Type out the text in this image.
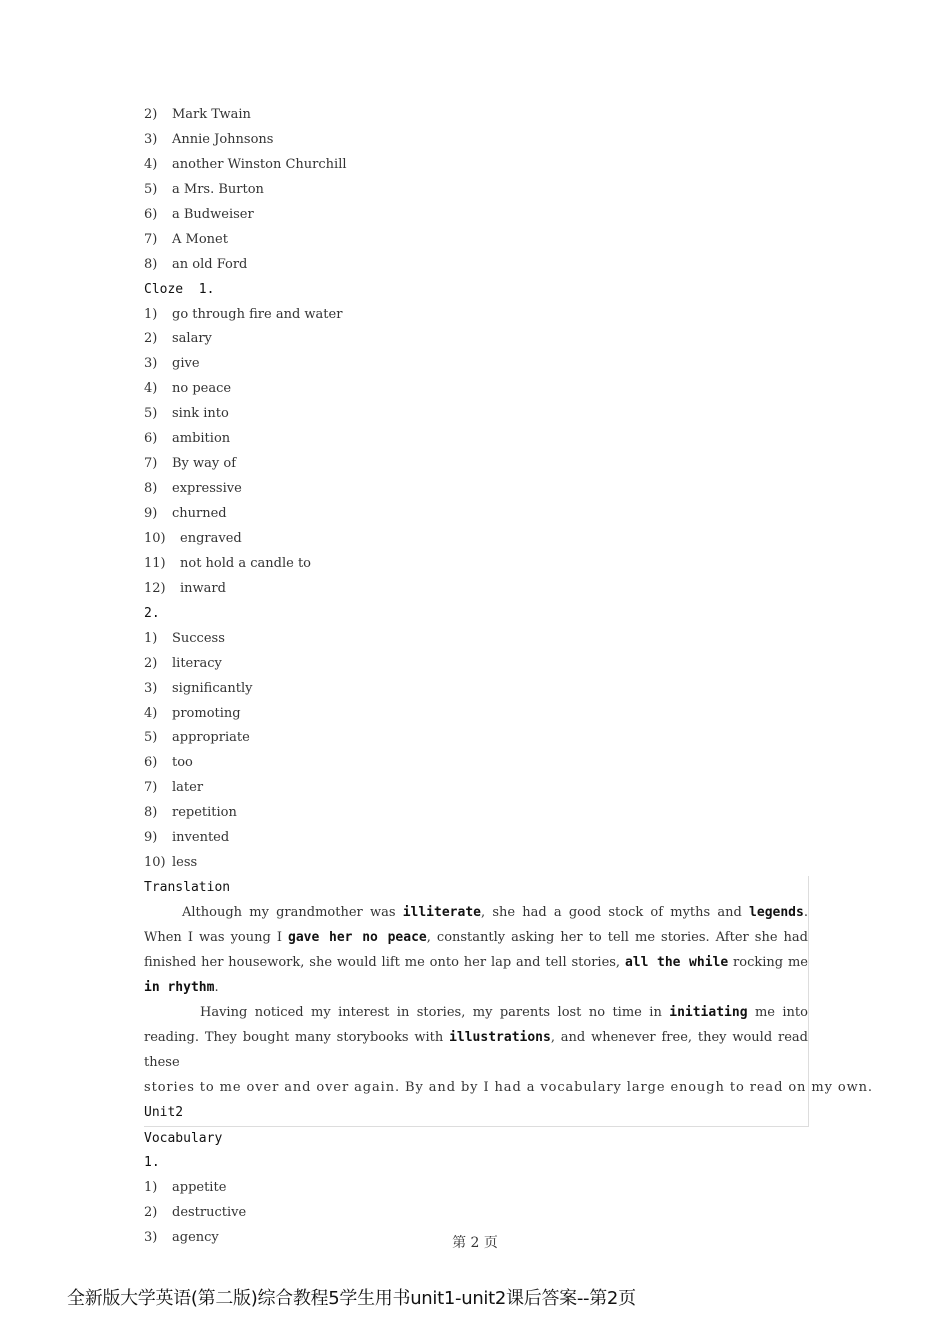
2) Mark Twain
3) Annie Johnsons
4) another Winston Churchill
5) a Mrs. Burton
6) a Budweiser
7) A Monet
8) an old Ford
Cloze  1.
1) go through fire and water
2) salary
3) give
4) no peace
5) sink into
6) ambition
7) By way of
8) expressive
9) churned
10) engraved
11) not hold a candle to
12) inward
2.
1) Success
2) literacy
3) significantly
4) promoting
5) appropriate
6) too
7) later
8) repetition
9) invented
10) less
Translation
Although my grandmother was illiterate, she had a good stock of myths and legends. When I was young I gave her no peace, constantly asking her to tell me stories. After she had finished her housework, she would lift me onto her lap and tell stories, all the while rocking me in rhythm.
Having noticed my interest in stories, my parents lost no time in initiating me into reading. They bought many storybooks with illustrations, and whenever free, they would read these
stories to me over and over again. By and by I had a vocabulary large enough to read on my own.
Unit2
Vocabulary
1.
1) appetite
2) destructive
3) agency	第 2 页
全新版大学英语(第二版)综合教程5学生用书unit1-unit2课后答案--第2页
